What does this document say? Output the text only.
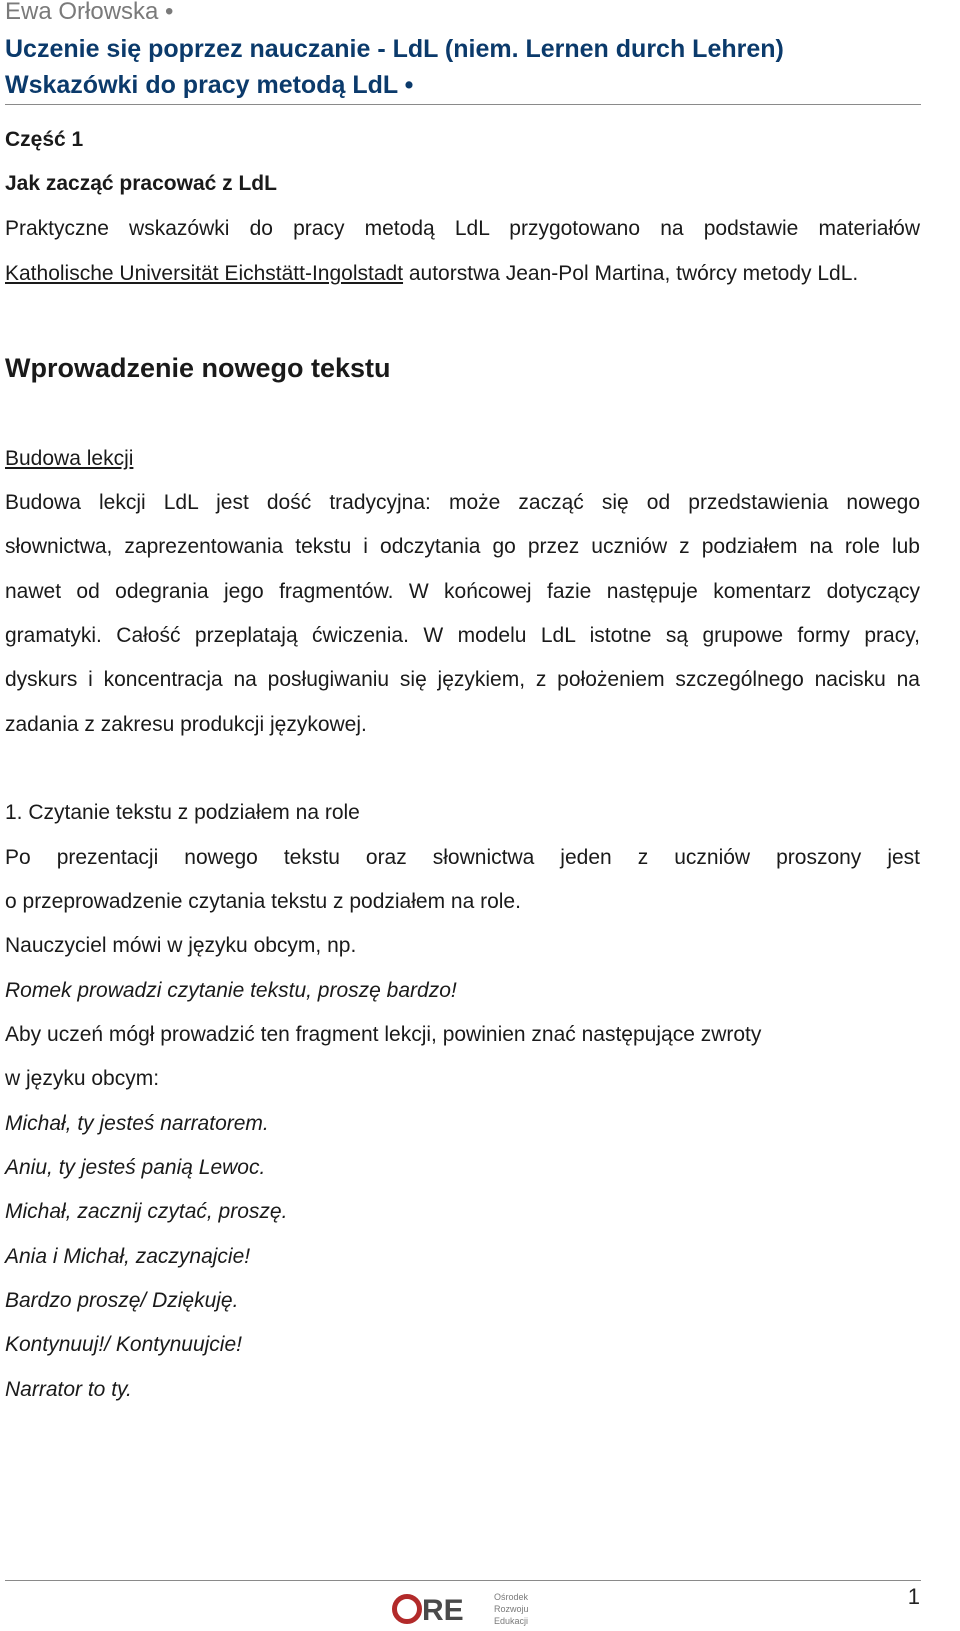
Ewa Orłowska •
Uczenie się poprzez nauczanie - LdL (niem. Lernen durch Lehren)
Wskazówki do pracy metodą LdL •
Część 1
Jak zacząć pracować z LdL
Praktyczne wskazówki do pracy metodą LdL przygotowano na podstawie materiałów
Katholische Universität Eichstätt-Ingolstadt autorstwa Jean-Pol Martina, twórcy metody LdL.
Wprowadzenie nowego tekstu
Budowa lekcji
Budowa lekcji LdL jest dość tradycyjna: może zacząć się od przedstawienia nowego
słownictwa, zaprezentowania tekstu i odczytania go przez uczniów z podziałem na role lub
nawet od odegrania jego fragmentów. W końcowej fazie następuje komentarz dotyczący
gramatyki. Całość przeplatają ćwiczenia. W modelu LdL istotne są grupowe formy pracy,
dyskurs i koncentracja na posługiwaniu się językiem, z położeniem szczególnego nacisku na
zadania z zakresu produkcji językowej.
1. Czytanie tekstu z podziałem na role
Po prezentacji nowego tekstu oraz słownictwa jeden z uczniów proszony jest
o przeprowadzenie czytania tekstu z podziałem na role.
Nauczyciel mówi w języku obcym, np.
Romek prowadzi czytanie tekstu, proszę bardzo!
Aby uczeń mógł prowadzić ten fragment lekcji, powinien znać następujące zwroty
w języku obcym:
Michał, ty jesteś narratorem.
Aniu, ty jesteś panią Lewoc.
Michał, zacznij czytać, proszę.
Ania i Michał, zaczynajcie!
Bardzo proszę/ Dziękuję.
Kontynuuj!/ Kontynuujcie!
Narrator to ty.
RE	Ośrodek
Rozwoju
Edukacji
1
